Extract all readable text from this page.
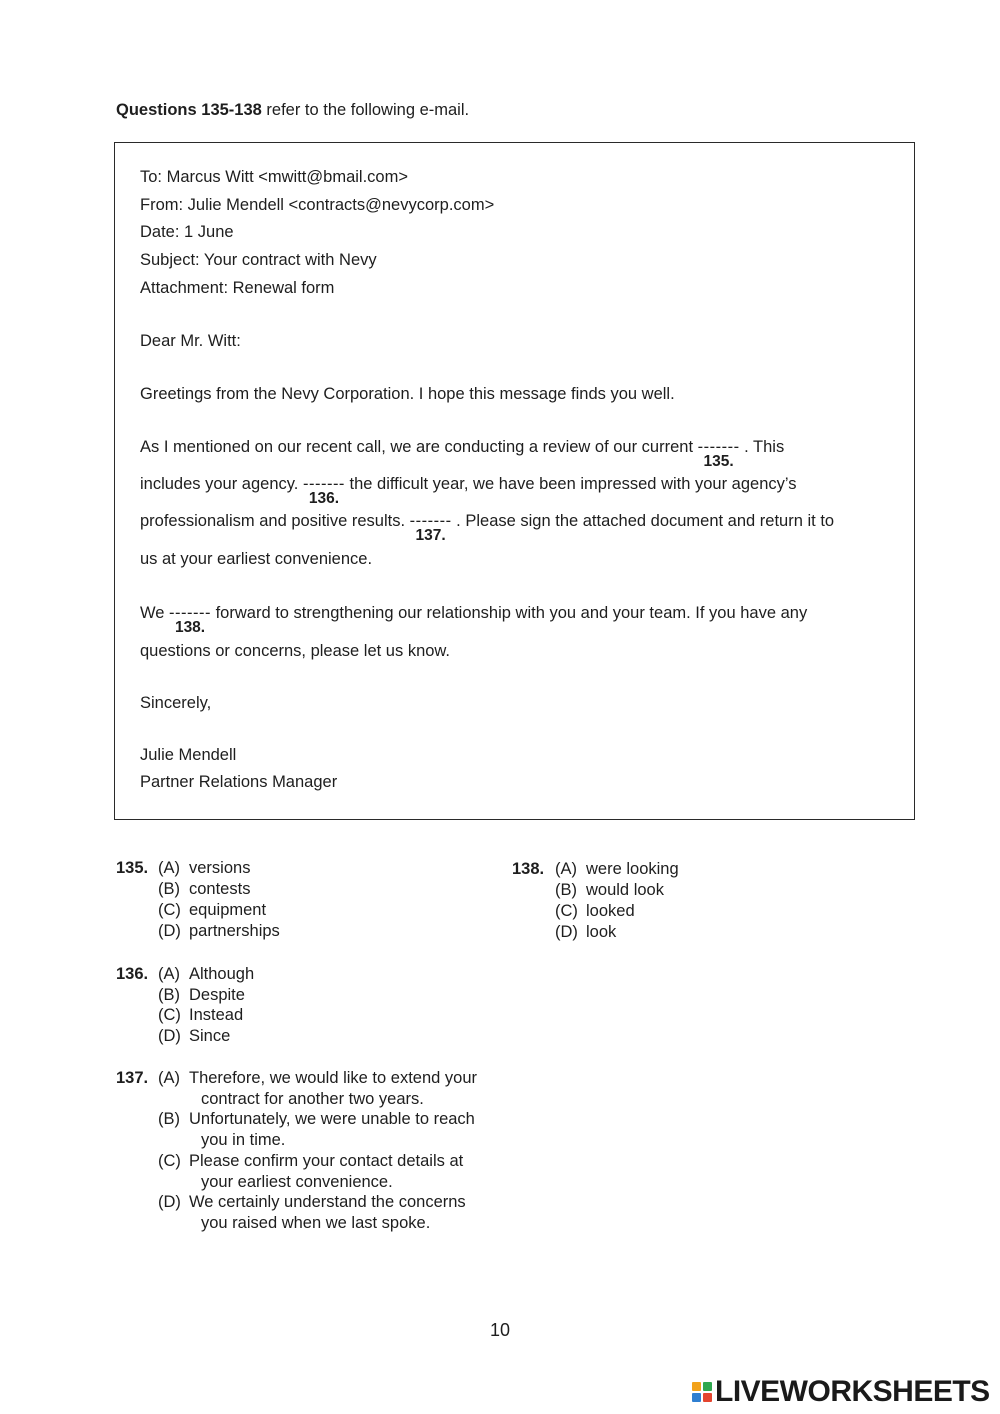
Questions 135-138 refer to the following e-mail.
To: Marcus Witt <mwitt@bmail.com>
From: Julie Mendell <contracts@nevycorp.com>
Date: 1 June
Subject: Your contract with Nevy
Attachment: Renewal form
Dear Mr. Witt:
Greetings from the Nevy Corporation. I hope this message finds you well.
As I mentioned on our recent call, we are conducting a review of our current -------
135.
. This
includes your agency. -------
136.
the difficult year, we have been impressed with your agency’s
professionalism and positive results. -------
137.
. Please sign the attached document and return it to
us at your earliest convenience.
We -------
138.
forward to strengthening our relationship with you and your team. If you have any
questions or concerns, please let us know.
Sincerely,
Julie Mendell
Partner Relations Manager
135. (A) versions
(B) contests
(C) equipment
(D) partnerships
136. (A) Although
(B) Despite
(C) Instead
(D) Since
137. (A) Therefore, we would like to extend your
contract for another two years.
(B) Unfortunately, we were unable to reach
you in time.
(C) Please confirm your contact details at
your earliest convenience.
(D) We certainly understand the concerns
you raised when we last spoke.
138. (A) were looking
(B) would look
(C) looked
(D) look
10
LIVEWORKSHEETS
